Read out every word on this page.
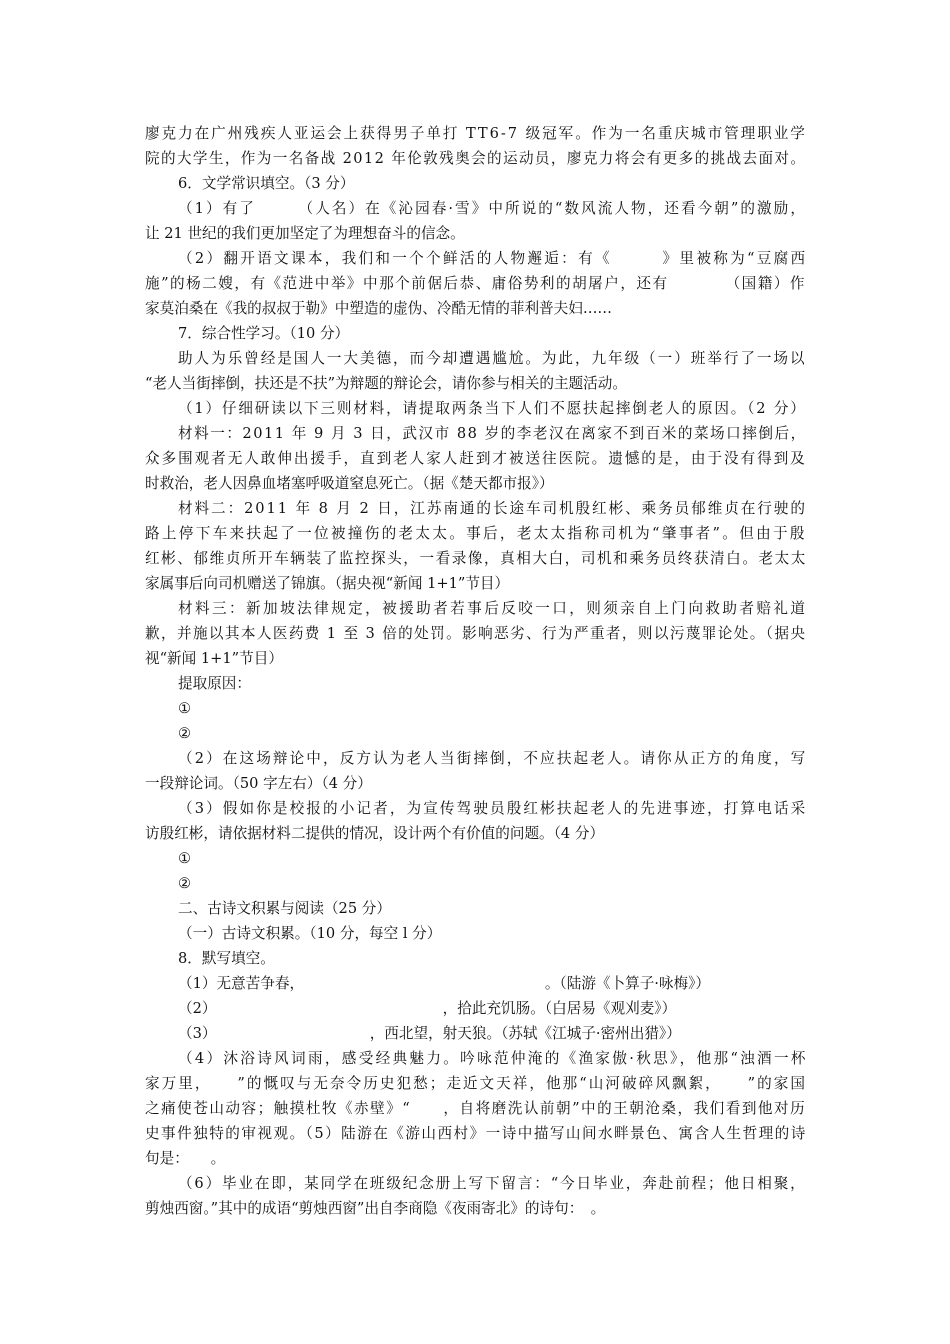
廖克力在广州残疾人亚运会上获得男子单打 TT6-7 级冠军。作为一名重庆城市管理职业学
院的大学生，作为一名备战 2012 年伦敦残奥会的运动员，廖克力将会有更多的挑战去面对。
6．文学常识填空。（3 分）
（1）有了　　　（人名）在《沁园春·雪》中所说的“数风流人物，还看今朝”的激励，
让 21 世纪的我们更加坚定了为理想奋斗的信念。
（2）翻开语文课本，我们和一个个鲜活的人物邂逅：有《　　　》里被称为“豆腐西
施”的杨二嫂，有《范进中举》中那个前倨后恭、庸俗势利的胡屠户，还有　　　　（国籍）作
家莫泊桑在《我的叔叔于勒》中塑造的虚伪、冷酷无情的菲利普夫妇……
7．综合性学习。（10 分）
助人为乐曾经是国人一大美德，而今却遭遇尴尬。为此，九年级（一）班举行了一场以
“老人当街摔倒，扶还是不扶”为辩题的辩论会，请你参与相关的主题活动。
（1）仔细研读以下三则材料，请提取两条当下人们不愿扶起摔倒老人的原因。（2 分）
材料一：2011 年 9 月 3 日，武汉市 88 岁的李老汉在离家不到百米的菜场口摔倒后，
众多围观者无人敢伸出援手，直到老人家人赶到才被送往医院。遗憾的是，由于没有得到及
时救治，老人因鼻血堵塞呼吸道窒息死亡。（据《楚天都市报》）
材料二：2011 年 8 月 2 日，江苏南通的长途车司机殷红彬、乘务员郁维贞在行驶的
路上停下车来扶起了一位被撞伤的老太太。事后，老太太指称司机为“肇事者”。但由于殷
红彬、郁维贞所开车辆装了监控探头，一看录像，真相大白，司机和乘务员终获清白。老太太
家属事后向司机赠送了锦旗。（据央视“新闻 1+1”节目）
材料三：新加坡法律规定，被援助者若事后反咬一口，则须亲自上门向救助者赔礼道
歉，并施以其本人医药费 1 至 3 倍的处罚。影响恶劣、行为严重者，则以污蔑罪论处。（据央
视“新闻 1+1”节目）
提取原因：
①
②
（2）在这场辩论中，反方认为老人当街摔倒，不应扶起老人。请你从正方的角度，写
一段辩论词。（50 字左右）（4 分）
（3）假如你是校报的小记者，为宣传驾驶员殷红彬扶起老人的先进事迹，打算电话采
访殷红彬，请依据材料二提供的情况，设计两个有价值的问题。（4 分）
①
②
二、古诗文积累与阅读（25 分）
（一）古诗文积累。（10 分，每空 l 分）
8．默写填空。
（1）无意苦争春，　　　　　　　　　　　　　　　　　。（陆游《卜算子·咏梅》）
（2）　　　　　　　　　　　　　　　　，拾此充饥肠。（白居易《观刈麦》）
（3）　　　　　　　　　　　，西北望，射天狼。（苏轼《江城子·密州出猎》）
（4）沐浴诗风词雨，感受经典魅力。吟咏范仲淹的《渔家傲·秋思》，他那“浊酒一杯
家万里，　　”的慨叹与无奈令历史犯愁；走近文天祥，他那“山河破碎风飘絮，　　”的家国
之痛使苍山动容；触摸杜牧《赤壁》“　　，自将磨洗认前朝”中的王朝沧桑，我们看到他对历
史事件独特的审视观。（5）陆游在《游山西村》一诗中描写山间水畔景色、寓含人生哲理的诗
句是：　　。
（6）毕业在即，某同学在班级纪念册上写下留言：“今日毕业，奔赴前程；他日相聚，
剪烛西窗。”其中的成语“剪烛西窗”出自李商隐《夜雨寄北》的诗句：　。
